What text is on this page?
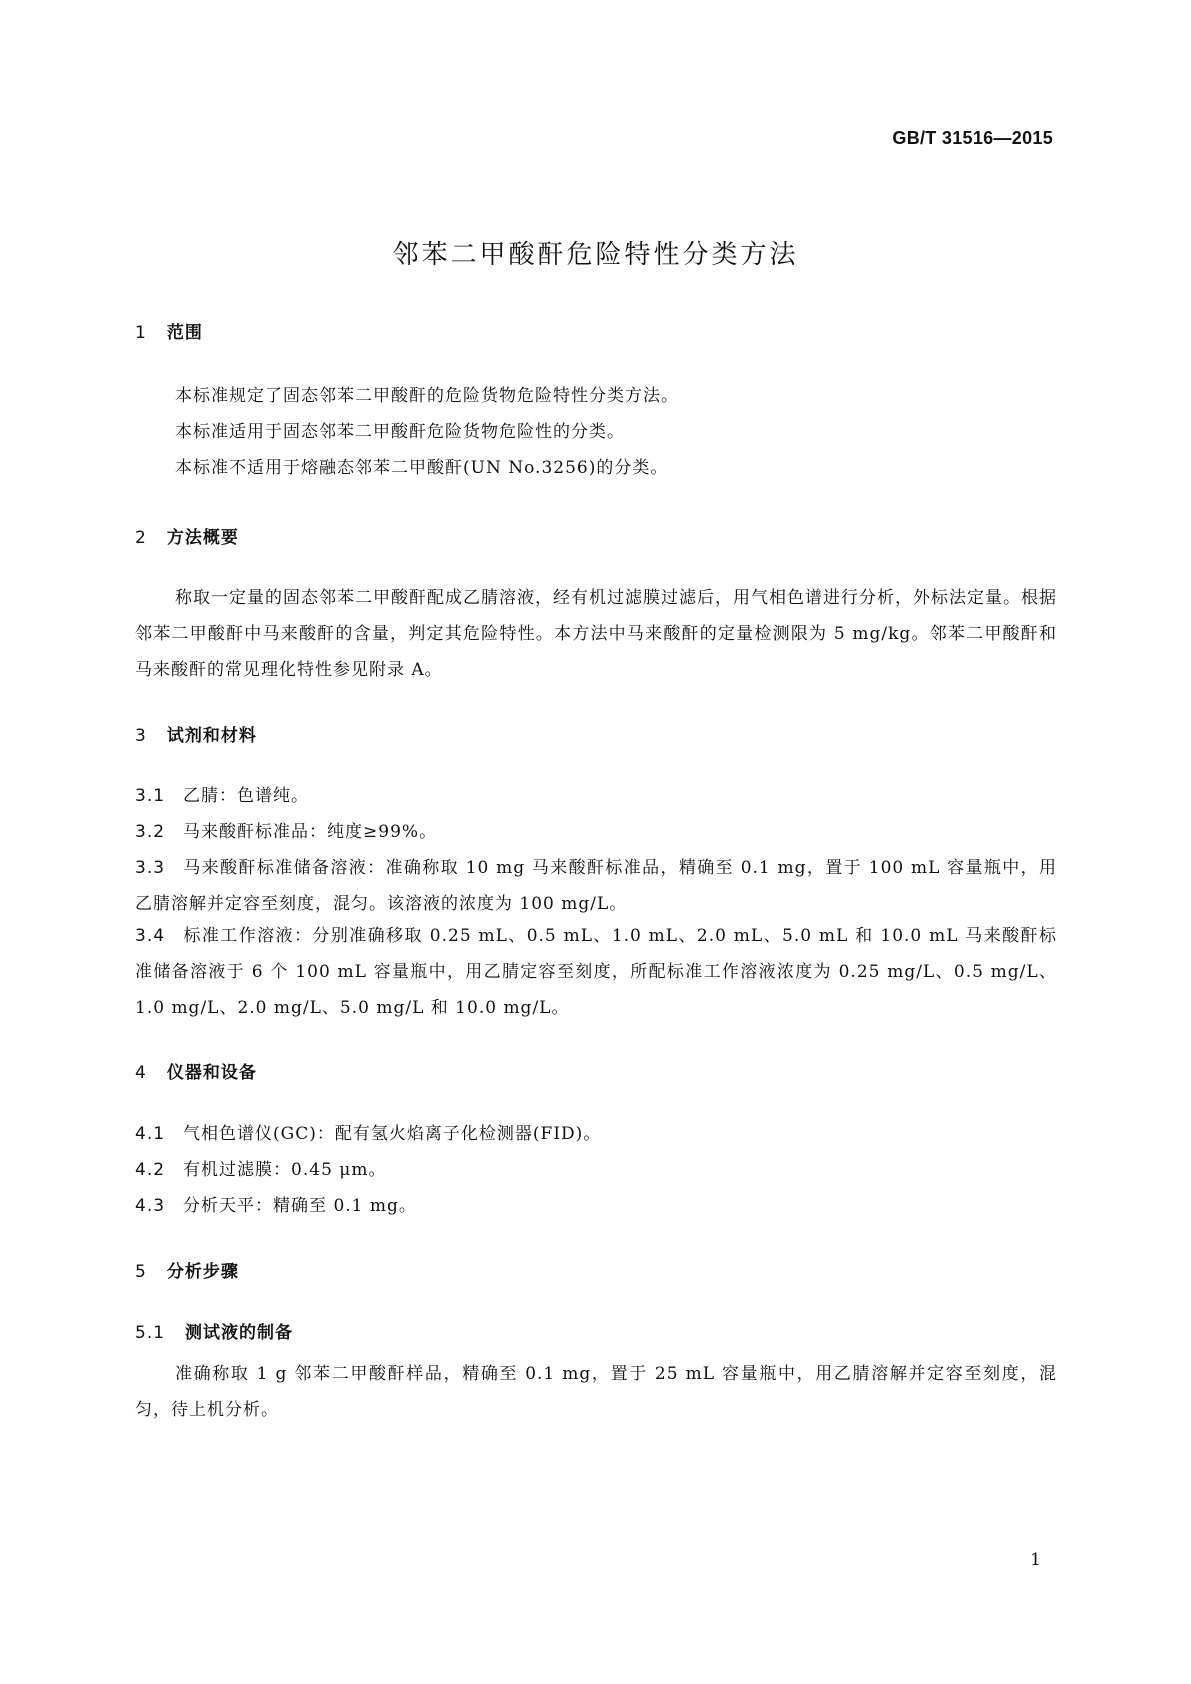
GB/T 31516—2015
邻苯二甲酸酐危险特性分类方法
1 范围
本标准规定了固态邻苯二甲酸酐的危险货物危险特性分类方法。
本标准适用于固态邻苯二甲酸酐危险货物危险性的分类。
本标准不适用于熔融态邻苯二甲酸酐(UN No.3256)的分类。
2 方法概要
称取一定量的固态邻苯二甲酸酐配成乙腈溶液，经有机过滤膜过滤后，用气相色谱进行分析，外标法定量。根据邻苯二甲酸酐中马来酸酐的含量，判定其危险特性。本方法中马来酸酐的定量检测限为 5 mg/kg。邻苯二甲酸酐和马来酸酐的常见理化特性参见附录 A。
3 试剂和材料
3.1 乙腈：色谱纯。
3.2 马来酸酐标准品：纯度≥99%。
3.3 马来酸酐标准储备溶液：准确称取 10 mg 马来酸酐标准品，精确至 0.1 mg，置于 100 mL 容量瓶中，用乙腈溶解并定容至刻度，混匀。该溶液的浓度为 100 mg/L。
3.4 标准工作溶液：分别准确移取 0.25 mL、0.5 mL、1.0 mL、2.0 mL、5.0 mL 和 10.0 mL 马来酸酐标准储备溶液于 6 个 100 mL 容量瓶中，用乙腈定容至刻度，所配标准工作溶液浓度为 0.25 mg/L、0.5 mg/L、1.0 mg/L、2.0 mg/L、5.0 mg/L 和 10.0 mg/L。
4 仪器和设备
4.1 气相色谱仪(GC)：配有氢火焰离子化检测器(FID)。
4.2 有机过滤膜：0.45 μm。
4.3 分析天平：精确至 0.1 mg。
5 分析步骤
5.1 测试液的制备
准确称取 1 g 邻苯二甲酸酐样品，精确至 0.1 mg，置于 25 mL 容量瓶中，用乙腈溶解并定容至刻度，混匀，待上机分析。
1
